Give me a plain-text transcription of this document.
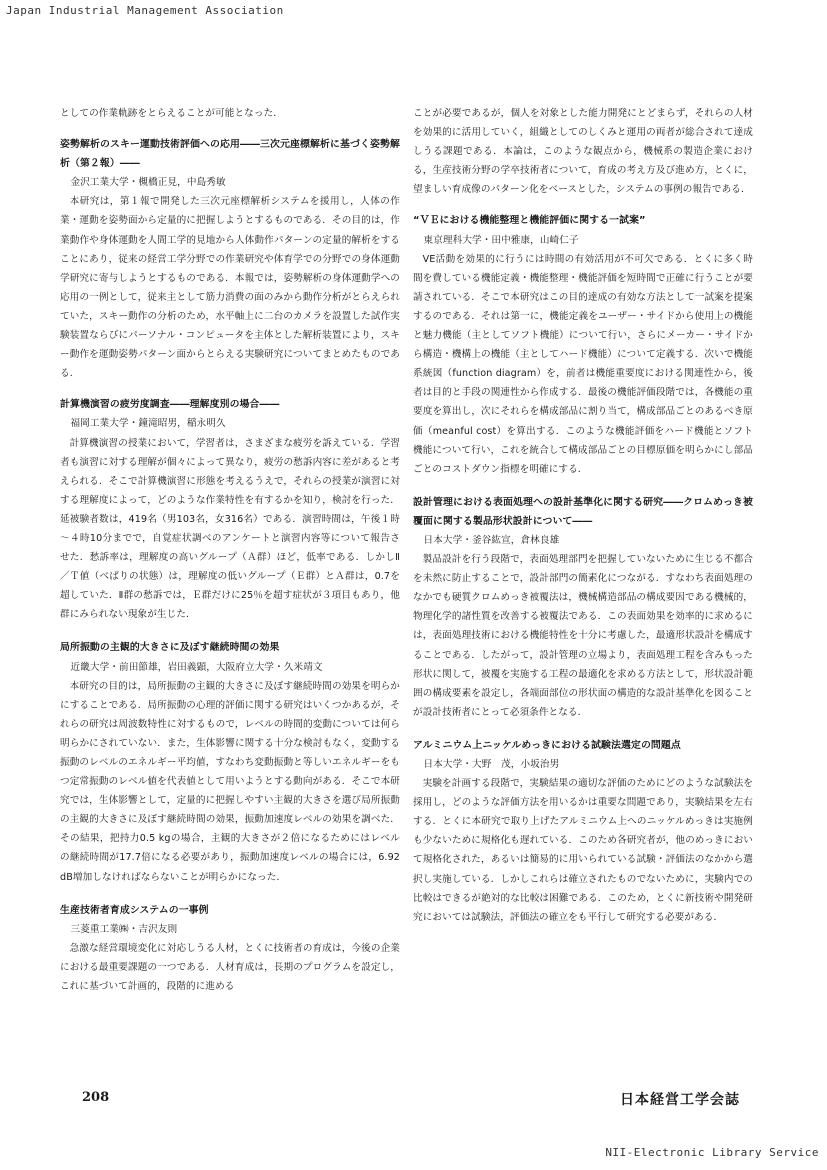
Japan Industrial Management Association

としての作業軌跡をとらえることが可能となった．

姿勢解析のスキー運動技術評価への応用――三次元座標解析に基づく姿勢解析（第２報）――

金沢工業大学・槻橋正見，中島秀敏

本研究は，第１報で開発した三次元座標解析システムを援用し，人体の作業・運動を姿勢面から定量的に把握しようとするものである．その目的は，作業動作や身体運動を人間工学的見地から人体動作パターンの定量的解析をすることにあり，従来の経営工学分野での作業研究や体育学での分野での身体運動学研究に寄与しようとするものである．本報では，姿勢解析の身体運動学への応用の一例として，従来主として筋力消費の面のみから動作分析がとらえられていた，スキー動作の分析のため，水平軸上に二台のカメラを設置した試作実験装置ならびにパーソナル・コンピュータを主体とした解析装置により，スキー動作を運動姿勢パターン面からとらえる実験研究についてまとめたものである．

計算機演習の疲労度調査――理解度別の場合――

福岡工業大学・鐘滝昭男，稲永明久

計算機演習の授業において，学習者は，さまざまな疲労を訴えている．学習者も演習に対する理解が個々によって異なり，疲労の愁訴内容に差があると考えられる．そこで計算機演習に形態を考えるうえで，それらの授業が演習に対する理解度によって，どのような作業特性を有するかを知り，検討を行った．延被験者数は，419名（男103名，女316名）である．演習時間は，午後１時～４時10分までで，自覚症状調べのアンケートと演習内容等について報告させた．愁訴率は，理解度の高いグループ（Ａ群）ほど，低率である．しかしⅡ／Ｔ値（べばりの状態）は，理解度の低いグループ（Ｅ群）とＡ群は，0.7を超していた．Ⅱ群の愁訴では，Ｅ群だけに25％を超す症状が３項目もあり，他群にみられない現象が生じた．

局所振動の主観的大きさに及ぼす継続時間の効果

近畿大学・前田節雄，岩田義顕，大阪府立大学・久米靖文

本研究の目的は，局所振動の主観的大きさに及ぼす継続時間の効果を明らかにすることである．局所振動の心理的評価に関する研究はいくつかあるが，それらの研究は周波数特性に対するもので，レベルの時間的変動については何ら明らかにされていない．また，生体影響に関する十分な検討もなく，変動する振動のレベルのエネルギー平均値，すなわち変動振動と等しいエネルギーをもつ定常振動のレベル値を代表値として用いようとする動向がある．そこで本研究では，生体影響として，定量的に把握しやすい主観的大きさを選び局所振動の主観的大きさに及ぼす継続時間の効果，振動加速度レベルの効果を調べた．その結果，把持力0.5 kgの場合，主観的大きさが２倍になるためにはレベルの継続時間が17.7倍になる必要があり，振動加速度レベルの場合には，6.92 dB増加しなければならないことが明らかになった．

生産技術者育成システムの一事例

三菱重工業㈱・吉沢友則

急激な経営環境変化に対応しうる人材，とくに技術者の育成は，今後の企業における最重要課題の一つである．人材育成は，長期のプログラムを設定し，これに基づいて計画的，段階的に進める

ことが必要であるが，個人を対象とした能力開発にとどまらず，それらの人材を効果的に活用していく，組織としてのしくみと運用の両者が総合されて達成しうる課題である．本論は，このような観点から，機械系の製造企業における，生産技術分野の学卒技術者について，育成の考え方及び進め方，とくに，望ましい育成像のパターン化をベースとした，システムの事例の報告である．

“ＶＥにおける機能整理と機能評価に関する一試案”

東京理科大学・田中雅康，山崎仁子

VE活動を効果的に行うには時間の有効活用が不可欠である．とくに多く時間を費している機能定義・機能整理・機能評価を短時間で正確に行うことが要請されている．そこで本研究はこの目的達成の有効な方法として一試案を提案するのである．それは第一に，機能定義をユーザー・サイドから使用上の機能と魅力機能（主としてソフト機能）について行い，さらにメーカー・サイドから構造・機構上の機能（主としてハード機能）について定義する．次いで機能系統図（function diagram）を，前者は機能重要度における関連性から，後者は目的と手段の関連性から作成する．最後の機能評価段階では，各機能の重要度を算出し，次にそれらを構成部品に割り当て，構成部品ごとのあるべき原価（meanful cost）を算出する．このような機能評価をハード機能とソフト機能について行い，これを統合して構成部品ごとの目標原価を明らかにし部品ごとのコストダウン指標を明確にする．

設計管理における表面処理への設計基準化に関する研究――クロムめっき被覆面に関する製品形状設計について――

日本大学・釜谷紘宣，倉林良雄

製品設計を行う段階で，表面処理部門を把握していないために生じる不都合を未然に防止することで，設計部門の簡素化につながる．すなわち表面処理のなかでも硬質クロムめっき被覆法は，機械構造部品の構成要因である機械的，物理化学的諸性質を改善する被覆法である．この表面効果を効率的に求めるには，表面処理技術における機能特性を十分に考慮した，最適形状設計を構成することである．したがって，設計管理の立場より，表面処理工程を含みもった形状に関して，被覆を実施する工程の最適化を求める方法として，形状設計範囲の構成要素を設定し，各端面部位の形状面の構造的な設計基準化を図ることが設計技術者にとって必須条件となる．

アルミニウム上ニッケルめっきにおける試験法選定の問題点

日本大学・大野　茂，小坂治男

実験を計画する段階で，実験結果の適切な評価のためにどのような試験法を採用し，どのような評価方法を用いるかは重要な問題であり，実験結果を左右する．とくに本研究で取り上げたアルミニウム上へのニッケルめっきは実施例も少ないために規格化も遅れている．このため各研究者が，他のめっきにおいて規格化された，あるいは簡易的に用いられている試験・評価法のなかから選択し実施している．しかしこれらは確立されたものでないために，実験内での比較はできるが絶対的な比較は困難である．このため，とくに新技術や開発研究においては試験法，評価法の確立をも平行して研究する必要がある．

208	日本経営工学会誌
NII-Electronic Library Service
